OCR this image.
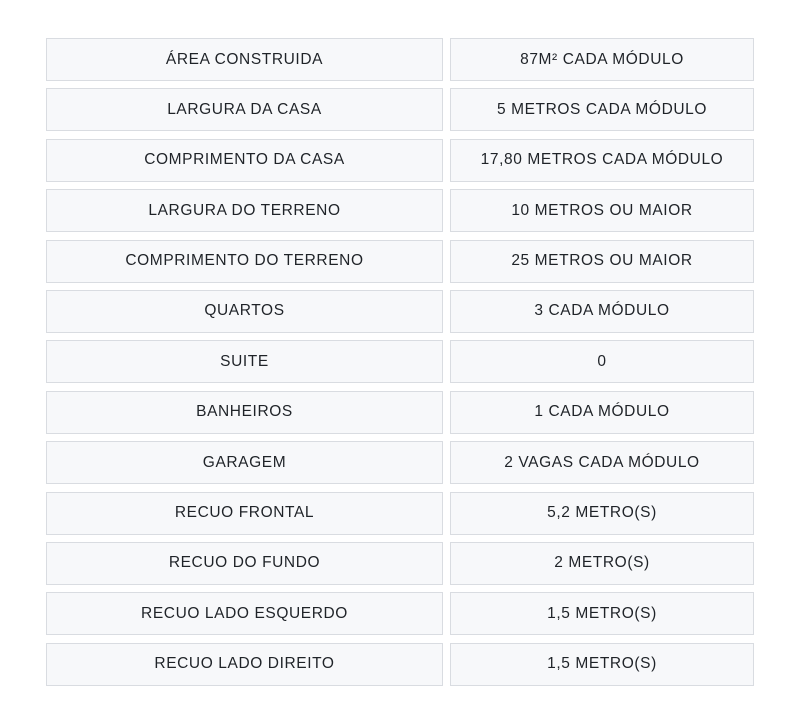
ÁREA CONSTRUIDA	87M² CADA MÓDULO
LARGURA DA CASA	5 METROS CADA MÓDULO
COMPRIMENTO DA CASA	17,80 METROS CADA MÓDULO
LARGURA DO TERRENO	10 METROS OU MAIOR
COMPRIMENTO DO TERRENO	25 METROS OU MAIOR
QUARTOS	3 CADA MÓDULO
SUITE	0
BANHEIROS	1 CADA MÓDULO
GARAGEM	2 VAGAS CADA MÓDULO
RECUO FRONTAL	5,2 METRO(S)
RECUO DO FUNDO	2 METRO(S)
RECUO LADO ESQUERDO	1,5 METRO(S)
RECUO LADO DIREITO	1,5 METRO(S)
